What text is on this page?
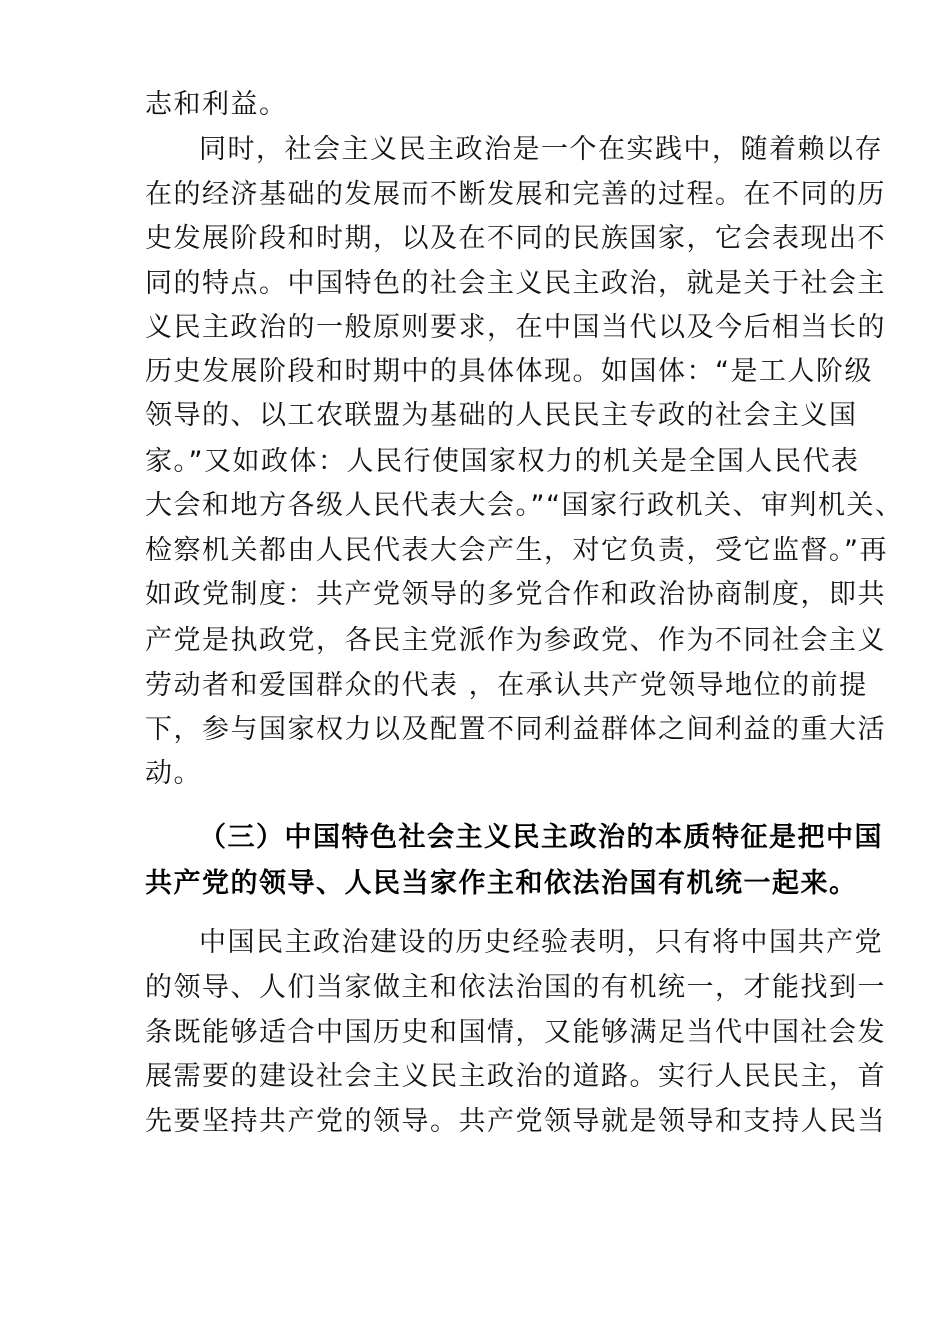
志和利益。
同时，社会主义民主政治是一个在实践中，随着赖以存
在的经济基础的发展而不断发展和完善的过程。在不同的历
史发展阶段和时期，以及在不同的民族国家，它会表现出不
同的特点。中国特色的社会主义民主政治，就是关于社会主
义民主政治的一般原则要求，在中国当代以及今后相当长的
历史发展阶段和时期中的具体体现。如国体：“是工人阶级
领导的、以工农联盟为基础的人民民主专政的社会主义国
家。”又如政体：人民行使国家权力的机关是全国人民代表
大会和地方各级人民代表大会。”“国家行政机关、审判机关、
检察机关都由人民代表大会产生，对它负责，受它监督。”再
如政党制度：共产党领导的多党合作和政治协商制度，即共
产党是执政党，各民主党派作为参政党、作为不同社会主义
劳动者和爱国群众的代表 ，在承认共产党领导地位的前提
下，参与国家权力以及配置不同利益群体之间利益的重大活
动。
（三）中国特色社会主义民主政治的本质特征是把中国
共产党的领导、人民当家作主和依法治国有机统一起来。
中国民主政治建设的历史经验表明，只有将中国共产党
的领导、人们当家做主和依法治国的有机统一，才能找到一
条既能够适合中国历史和国情，又能够满足当代中国社会发
展需要的建设社会主义民主政治的道路。实行人民民主，首
先要坚持共产党的领导。共产党领导就是领导和支持人民当
